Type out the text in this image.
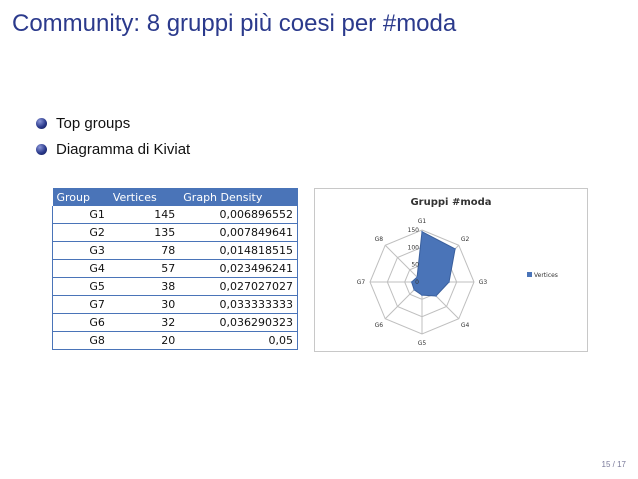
Community: 8 gruppi più coesi per #moda
Top groups
Diagramma di Kiviat
Group	Vertices	Graph Density
G1	145	0,006896552
G2	135	0,007849641
G3	78	0,014818515
G4	57	0,023496241
G5	38	0,027027027
G7	30	0,033333333
G6	32	0,036290323
G8	20	0,05
Gruppi #moda
0
50
100
150
G1
G2
G3
G4
G5
G6
G7
G8
Vertices
15 / 17
